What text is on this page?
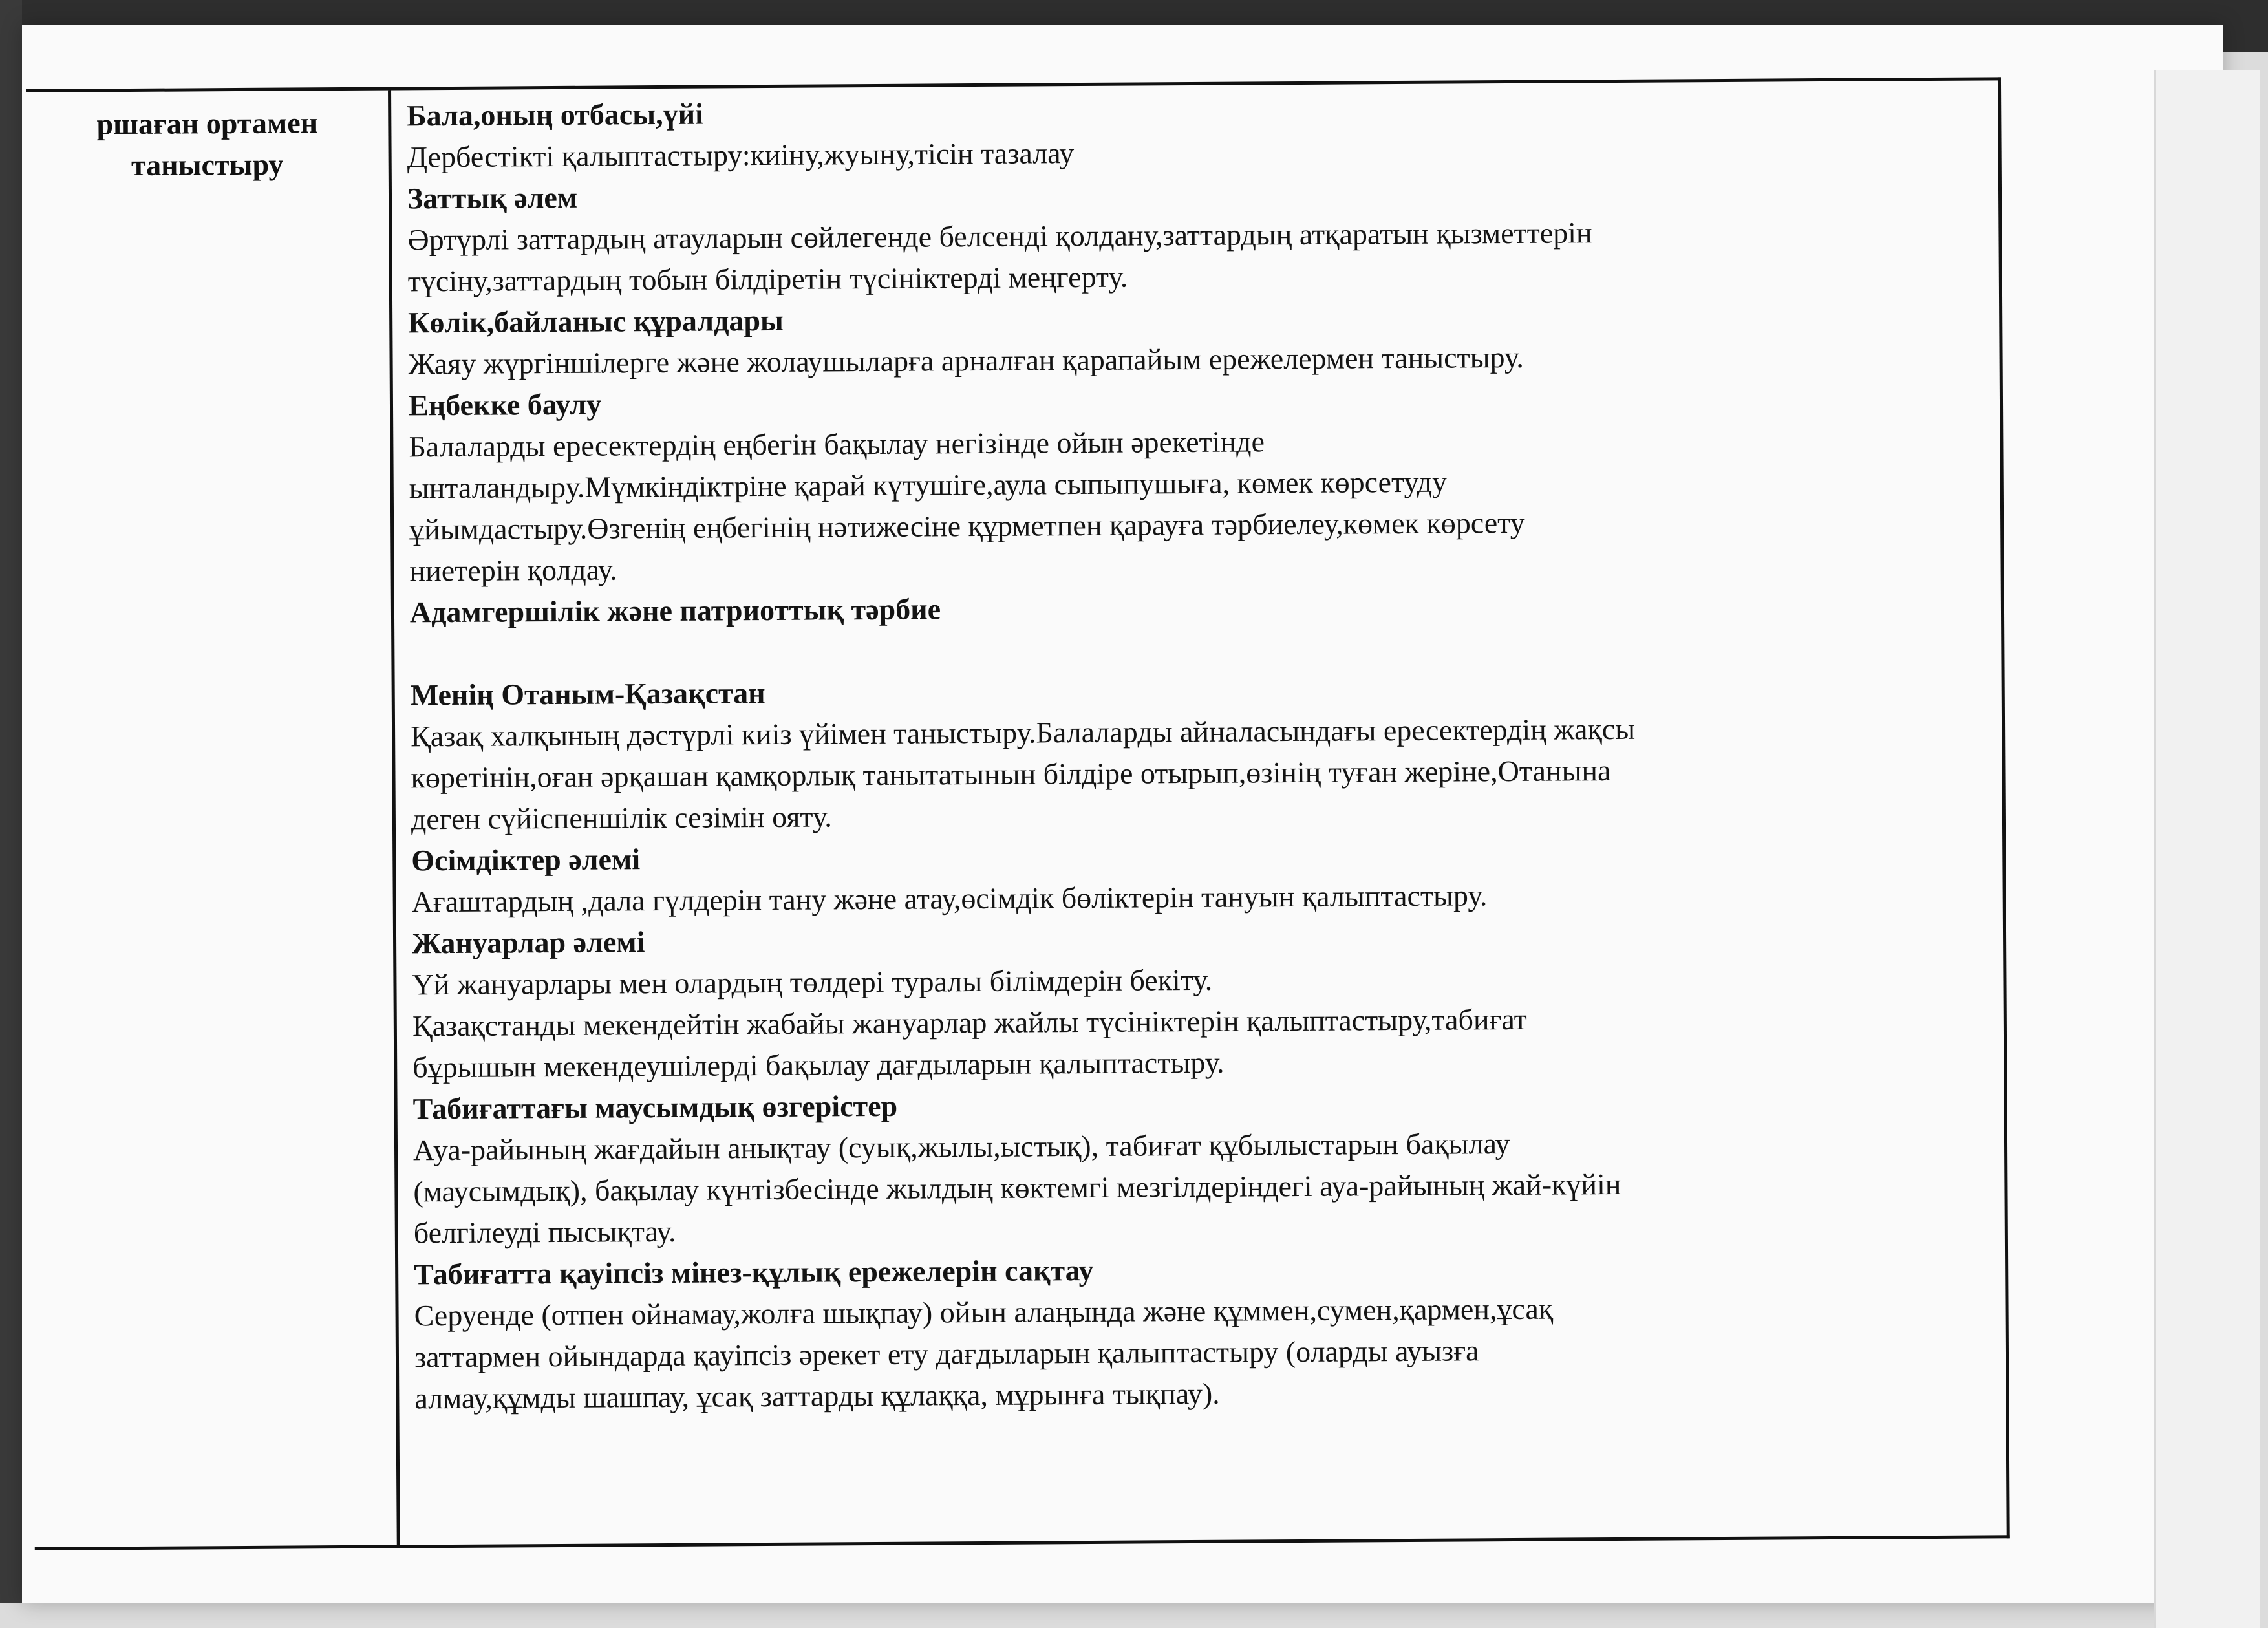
ршаған ортамен
таныстыру
Бала,оның отбасы,үйі
Дербестікті қалыптастыру:киіну,жуыну,тісін тазалау
Заттық әлем
Әртүрлі заттардың атауларын сөйлегенде белсенді қолдану,заттардың атқаратын қызметтерін
түсіну,заттардың тобын білдіретін түсініктерді меңгерту.
Көлік,байланыс құралдары
Жаяу жүргіншілерге және жолаушыларға арналған қарапайым ережелермен таныстыру.
Еңбекке баулу
Балаларды ересектердің еңбегін бақылау негізінде ойын әрекетінде
ынталандыру.Мүмкіндіктріне қарай күтушіге,аула сыпыпушыға, көмек көрсетуду
ұйымдастыру.Өзгенің еңбегінің нәтижесіне құрметпен қарауға тәрбиелеу,көмек көрсету
ниетерін қолдау.
Адамгершілік және патриоттық тәрбие
Менің Отаным-Қазақстан
Қазақ халқының дәстүрлі киіз үйімен таныстыру.Балаларды айналасындағы ересектердің жақсы
көретінін,оған әрқашан қамқорлық танытатынын білдіре отырып,өзінің туған жеріне,Отанына
деген сүйіспеншілік сезімін ояту.
Өсімдіктер әлемі
Ағаштардың ,дала гүлдерін тану және атау,өсімдік бөліктерін тануын қалыптастыру.
Жануарлар әлемі
Үй жануарлары мен олардың төлдері туралы білімдерін бекіту.
Қазақстанды мекендейтін жабайы жануарлар жайлы түсініктерін қалыптастыру,табиғат
бұрышын мекендеушілерді бақылау дағдыларын қалыптастыру.
Табиғаттағы маусымдық өзгерістер
Ауа-райының жағдайын анықтау (суық,жылы,ыстық), табиғат құбылыстарын бақылау
(маусымдық), бақылау күнтізбесінде жылдың көктемгі мезгілдеріндегі ауа-райының жай-күйін
белгілеуді пысықтау.
Табиғатта қауіпсіз мінез-құлық ережелерін сақтау
Серуенде (отпен ойнамау,жолға шықпау) ойын алаңында және құммен,сумен,қармен,ұсақ
заттармен ойындарда қауіпсіз әрекет ету дағдыларын қалыптастыру (оларды ауызға
алмау,құмды шашпау, ұсақ заттарды құлаққа, мұрынға тықпау).
